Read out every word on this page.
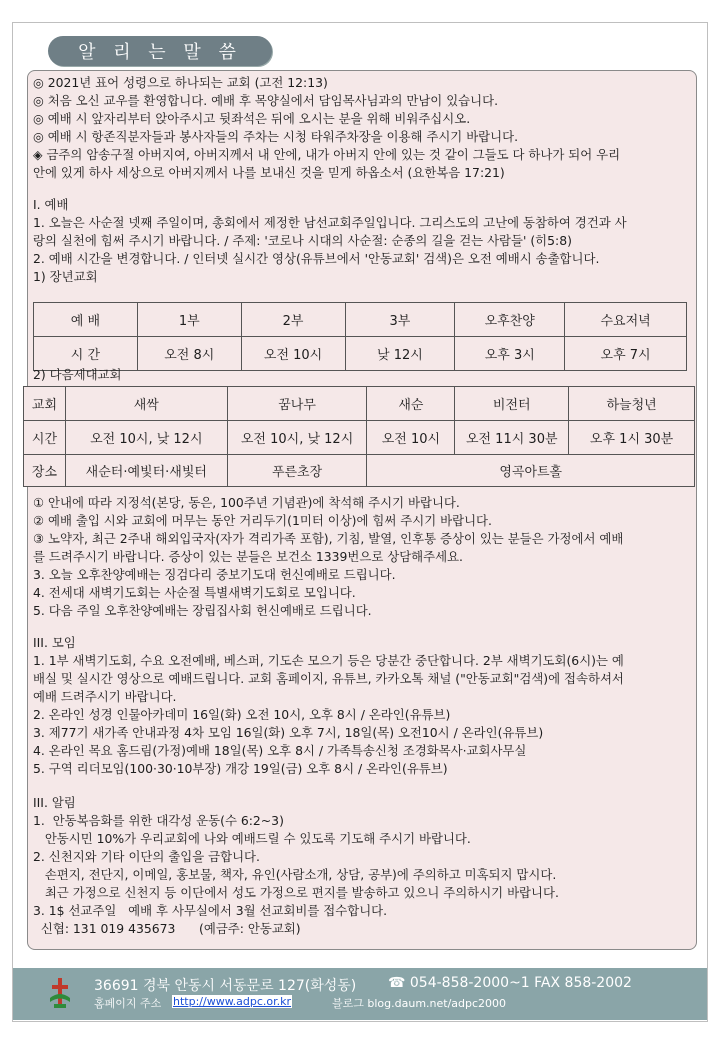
알 리 는 말 씀
◎ 2021년 표어 성령으로 하나되는 교회 (고전 12:13)
◎ 처음 오신 교우를 환영합니다. 예배 후 목양실에서 담임목사님과의 만남이 있습니다.
◎ 예배 시 앞자리부터 앉아주시고 뒷좌석은 뒤에 오시는 분을 위해 비워주십시오.
◎ 예배 시 항존직분자들과 봉사자들의 주차는 시청 타워주차장을 이용해 주시기 바랍니다.
◈ 금주의 암송구절 아버지여, 아버지께서 내 안에, 내가 아버지 안에 있는 것 같이 그들도 다 하나가 되어 우리
안에 있게 하사 세상으로 아버지께서 나를 보내신 것을 믿게 하옵소서 (요한복음 17:21)
I. 예배
1. 오늘은 사순절 넷째 주일이며, 총회에서 제정한 남선교회주일입니다. 그리스도의 고난에 동참하여 경건과 사
랑의 실천에 힘써 주시기 바랍니다. / 주제: '코로나 시대의 사순절: 순종의 길을 걷는 사람들' (히5:8)
2. 예배 시간을 변경합니다. / 인터넷 실시간 영상(유튜브에서 '안동교회' 검색)은 오전 예배시 송출합니다.
1) 장년교회
예 배	1부	2부	3부	오후찬양	수요저녁
시 간	오전 8시	오전 10시	낮 12시	오후 3시	오후 7시
2) 다음세대교회
교회	새싹	꿈나무	새순	비전터	하늘청년
시간	오전 10시, 낮 12시	오전 10시, 낮 12시	오전 10시	오전 11시 30분	오후 1시 30분
장소	새순터·예빛터·새빛터	푸른초장	영곡아트홀		
① 안내에 따라 지정석(본당, 동은, 100주년 기념관)에 착석해 주시기 바랍니다.
② 예배 출입 시와 교회에 머무는 동안 거리두기(1미터 이상)에 힘써 주시기 바랍니다.
③ 노약자, 최근 2주내 해외입국자(자가 격리가족 포함), 기침, 발열, 인후통 증상이 있는 분들은 가정에서 예배
를 드려주시기 바랍니다. 증상이 있는 분들은 보건소 1339번으로 상담해주세요.
3. 오늘 오후찬양예배는 징검다리 중보기도대 헌신예배로 드립니다.
4. 전세대 새벽기도회는 사순절 특별새벽기도회로 모입니다.
5. 다음 주일 오후찬양예배는 장립집사회 헌신예배로 드립니다.
III. 모임
1. 1부 새벽기도회, 수요 오전예배, 베스퍼, 기도손 모으기 등은 당분간 중단합니다. 2부 새벽기도회(6시)는 예
배실 및 실시간 영상으로 예배드립니다. 교회 홈페이지, 유튜브, 카카오톡 채널 ("안동교회"검색)에 접속하셔서
예배 드려주시기 바랍니다.
2. 온라인 성경 인물아카데미 16일(화) 오전 10시, 오후 8시 / 온라인(유튜브)
3. 제77기 새가족 안내과정 4차 모임 16일(화) 오후 7시, 18일(목) 오전10시 / 온라인(유튜브)
4. 온라인 목요 홈드림(가정)예배 18일(목) 오후 8시 / 가족특송신청 조경화목사·교회사무실
5. 구역 리더모임(100·30·10부장) 개강 19일(금) 오후 8시 / 온라인(유튜브)
III. 알림
1.  안동복음화를 위한 대각성 운동(수 6:2~3)
안동시민 10%가 우리교회에 나와 예배드릴 수 있도록 기도해 주시기 바랍니다.
2. 신천지와 기타 이단의 출입을 금합니다.
손편지, 전단지, 이메일, 홍보물, 책자, 유인(사람소개, 상담, 공부)에 주의하고 미혹되지 맙시다.
최근 가정으로 신천지 등 이단에서 성도 가정으로 편지를 발송하고 있으니 주의하시기 바랍니다.
3. 1$ 선교주일   예배 후 사무실에서 3월 선교회비를 접수합니다.
신협: 131 019 435673      (예금주: 안동교회)
36691 경북 안동시 서동문로 127(화성동) ☎ 054-858-2000~1 FAX 858-2002
홈페이지 주소 http://www.adpc.or.kr	블로그 blog.daum.net/adpc2000
